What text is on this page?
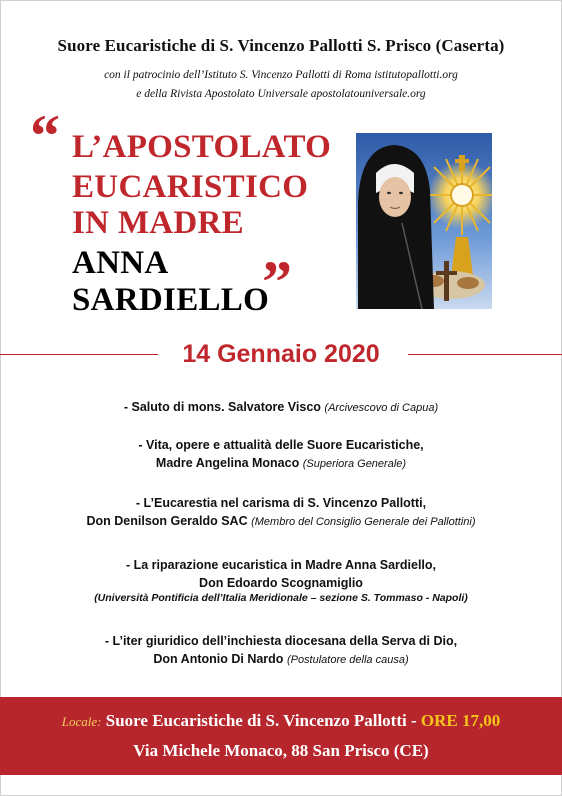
Suore Eucaristiche di S. Vincenzo Pallotti S. Prisco (Caserta)
con il patrocinio dell’Istituto S. Vincenzo Pallotti di Roma istitutopallotti.org
e della Rivista Apostolato Universale apostolatouniversale.org
“ L’APOSTOLATO
EUCARISTICO
IN MADRE
ANNA
SARDIELLO
”
14 Gennaio 2020
- Saluto di mons. Salvatore Visco (Arcivescovo di Capua)
- Vita, opere e attualità delle Suore Eucaristiche,
Madre Angelina Monaco (Superiora Generale)
- L’Eucarestia nel carisma di S. Vincenzo Pallotti,
Don Denilson Geraldo SAC (Membro del Consiglio Generale dei Pallottini)
- La riparazione eucaristica in Madre Anna Sardiello,
Don Edoardo Scognamiglio
(Università Pontificia dell’Italia Meridionale – sezione S. Tommaso - Napoli)
- L’iter giuridico dell’inchiesta diocesana della Serva di Dio,
Don Antonio Di Nardo (Postulatore della causa)
Locale: Suore Eucaristiche di S. Vincenzo Pallotti - ORE 17,00
Via Michele Monaco, 88 San Prisco (CE)
